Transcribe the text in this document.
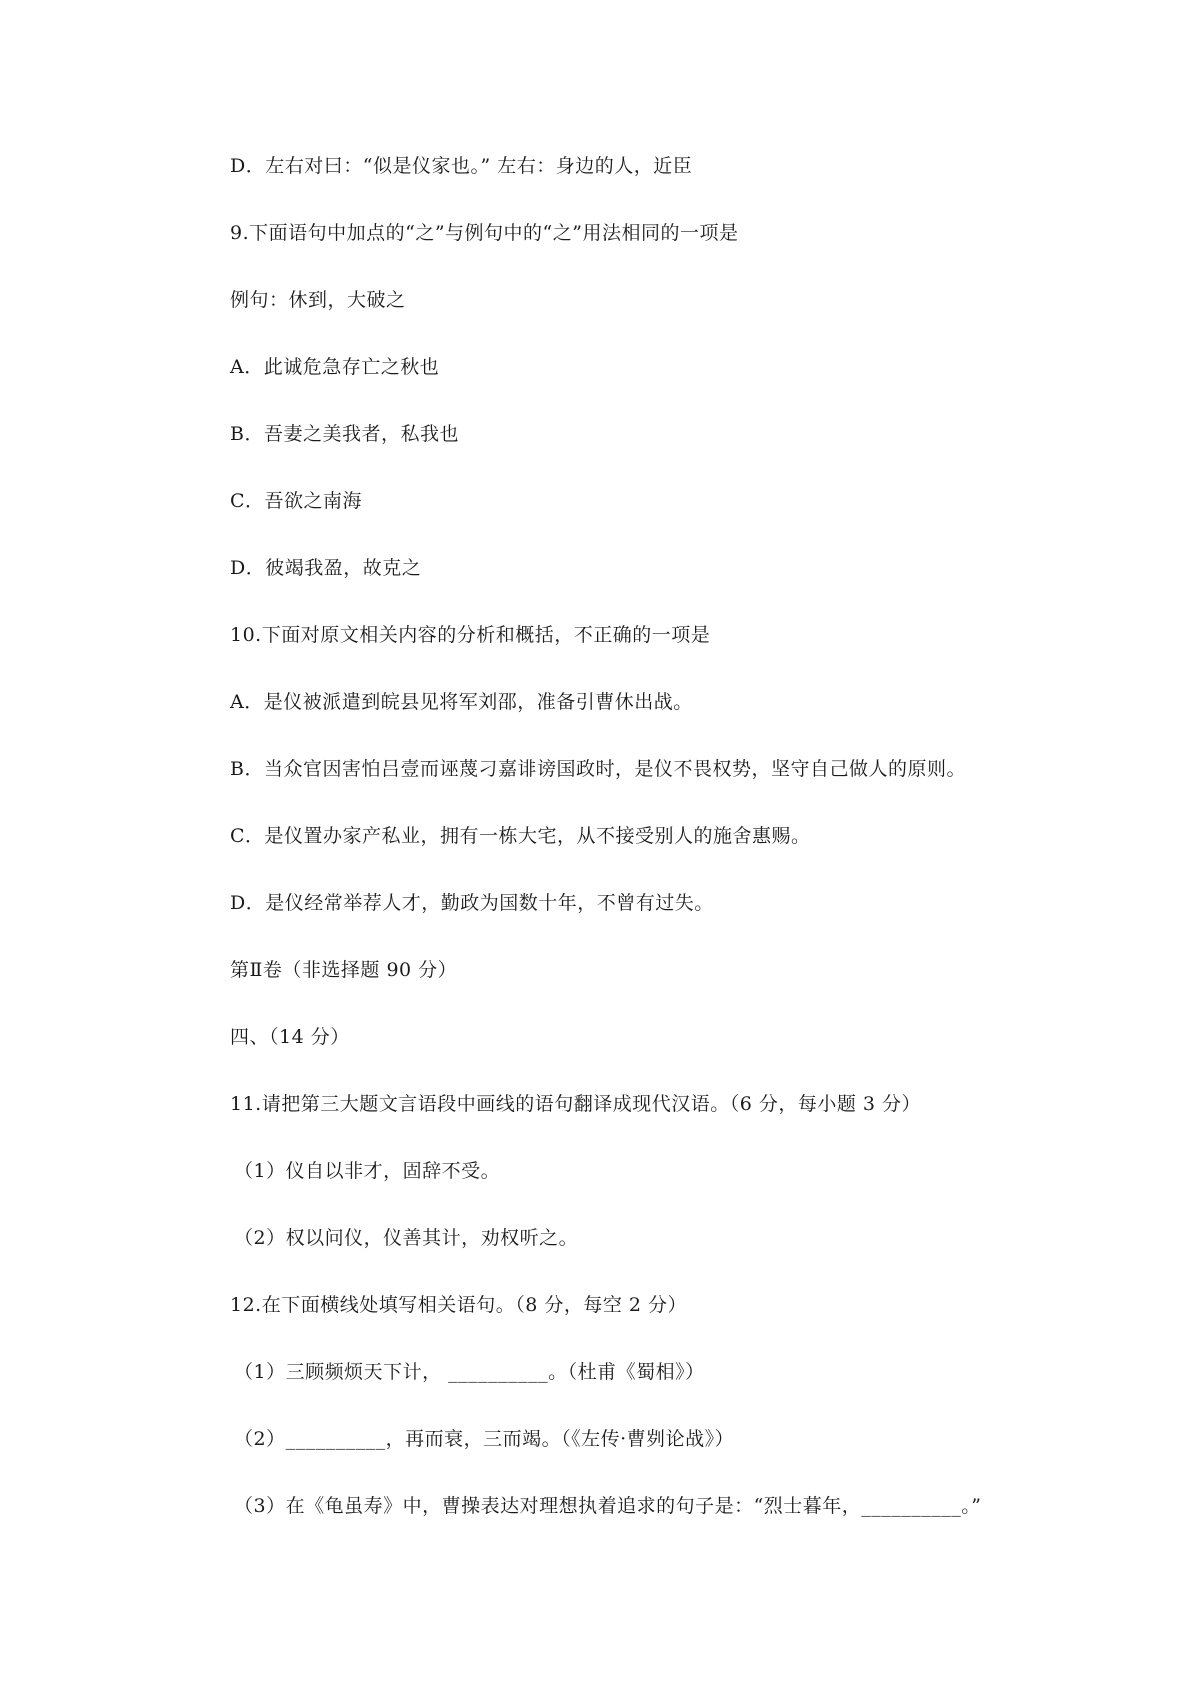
D．左右对曰：“似是仪家也。” 左右：身边的人，近臣
9.下面语句中加点的“之”与例句中的“之”用法相同的一项是
例句：休到，大破之
A．此诚危急存亡之秋也
B．吾妻之美我者，私我也
C．吾欲之南海
D．彼竭我盈，故克之
10.下面对原文相关内容的分析和概括，不正确的一项是
A．是仪被派遣到皖县见将军刘邵，准备引曹休出战。
B．当众官因害怕吕壹而诬蔑刁嘉诽谤国政时，是仪不畏权势，坚守自己做人的原则。
C．是仪置办家产私业，拥有一栋大宅，从不接受别人的施舍惠赐。
D．是仪经常举荐人才，勤政为国数十年，不曾有过失。
第Ⅱ卷（非选择题 90 分）
四、（14 分）
11.请把第三大题文言语段中画线的语句翻译成现代汉语。（6 分，每小题 3 分）
（1）仪自以非才，固辞不受。
（2）权以问仪，仪善其计，劝权听之。
12.在下面横线处填写相关语句。（8 分，每空 2 分）
（1）三顾频烦天下计， __________。（杜甫《蜀相》）
（2）__________，再而衰，三而竭。（《左传·曹刿论战》）
（3）在《龟虽寿》中，曹操表达对理想执着追求的句子是：“烈士暮年，__________。”
